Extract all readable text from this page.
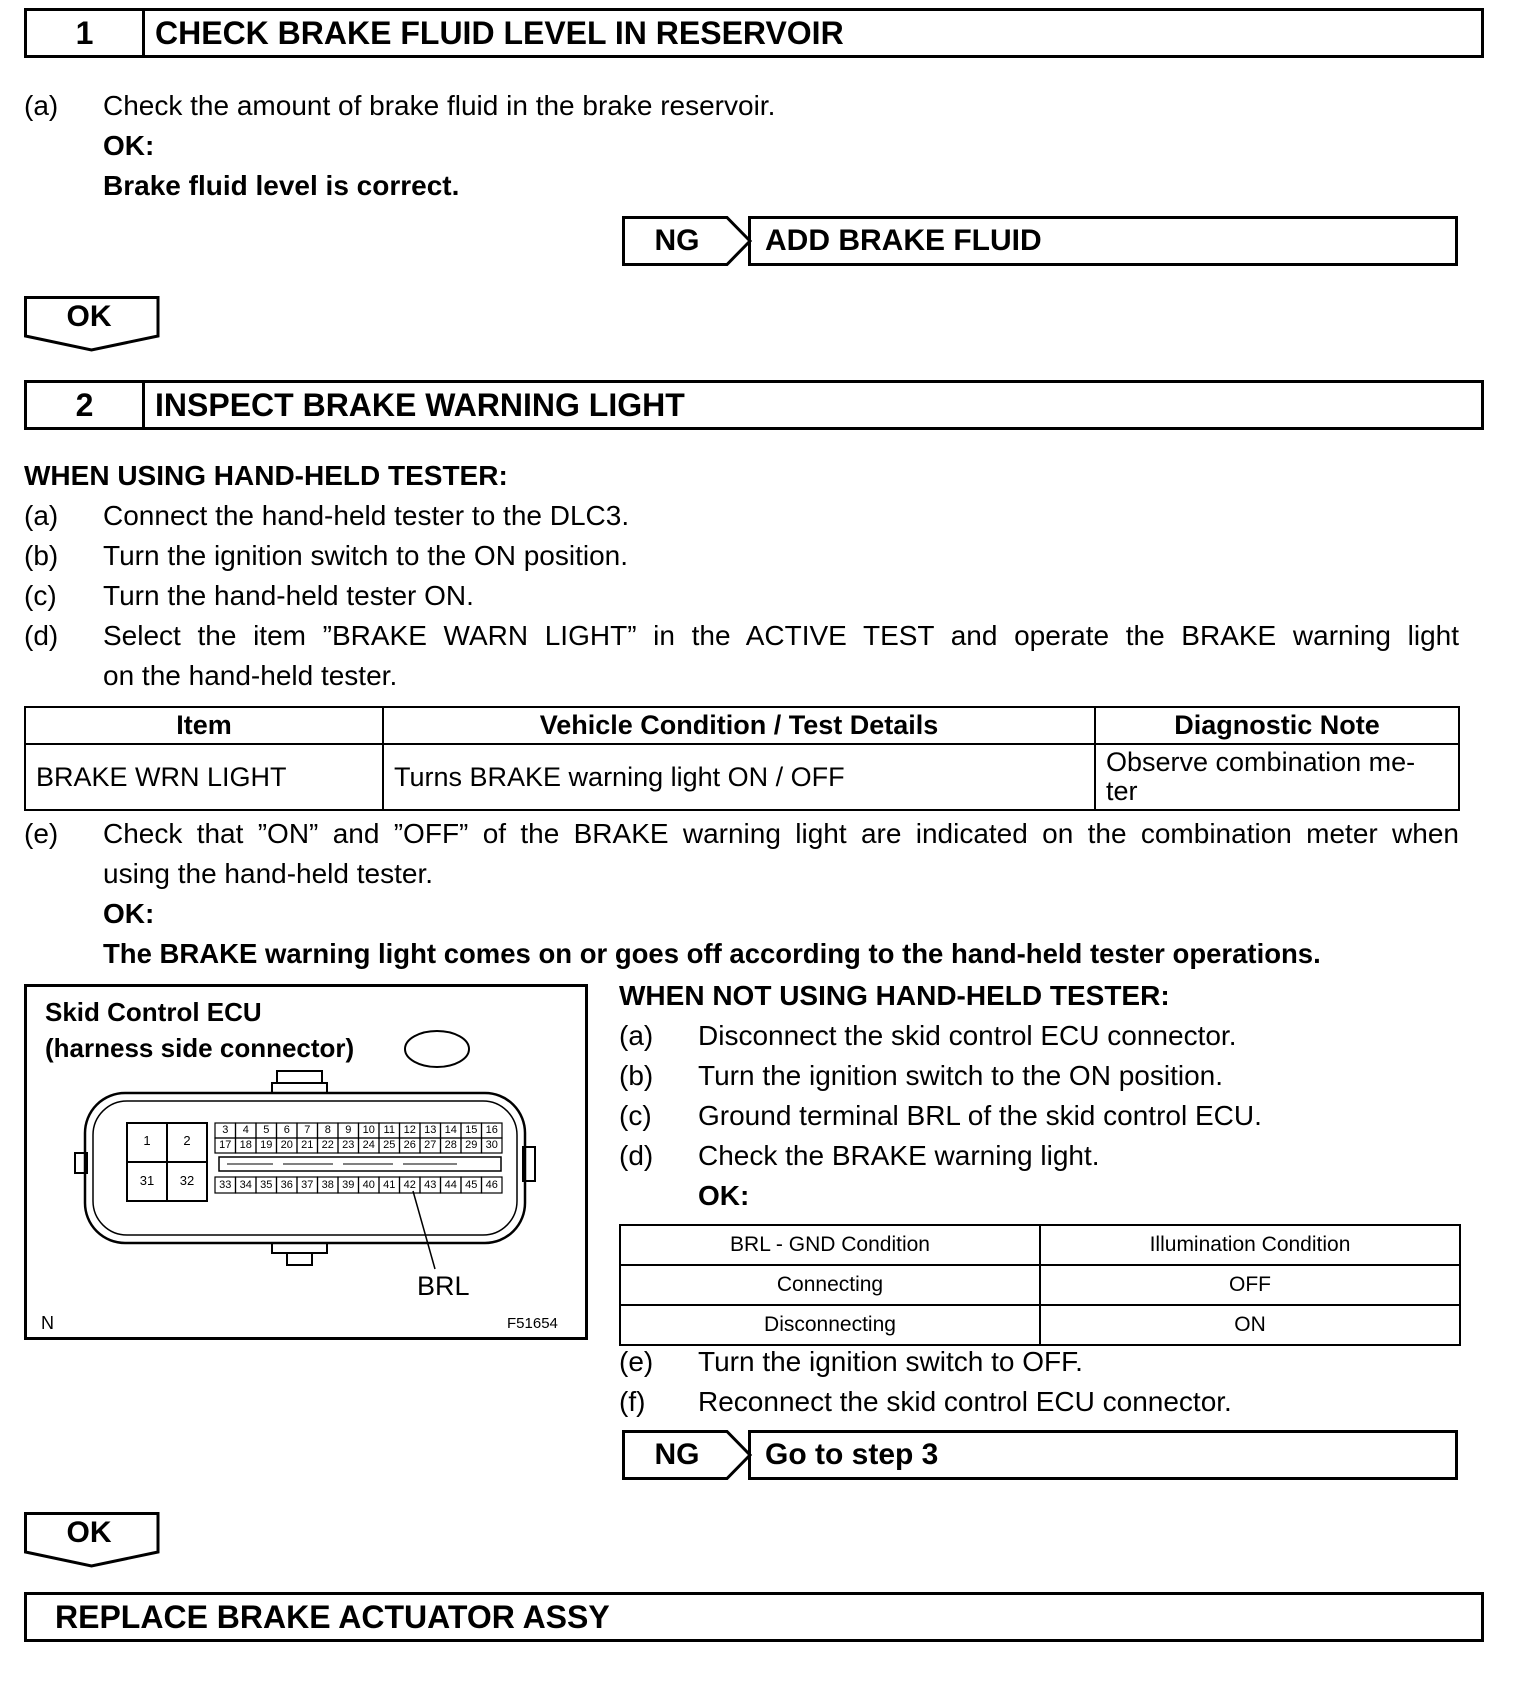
1	CHECK BRAKE FLUID LEVEL IN RESERVOIR
(a) Check the amount of brake fluid in the brake reservoir.
OK:
Brake fluid level is correct.
NG	ADD BRAKE FLUID
OK
2	INSPECT BRAKE WARNING LIGHT
WHEN USING HAND-HELD TESTER:
(a) Connect the hand-held tester to the DLC3.
(b) Turn the ignition switch to the ON position.
(c) Turn the hand-held tester ON.
(d) Select the item ”BRAKE WARN LIGHT” in the ACTIVE TEST and operate the BRAKE warning light
on the hand-held tester.
Item	Vehicle Condition / Test Details	Diagnostic Note
BRAKE WRN LIGHT	Turns BRAKE warning light ON / OFF	Observe combination me-
ter
(e) Check that ”ON” and ”OFF” of the BRAKE warning light are indicated on the combination meter when
using the hand-held tester.
OK:
The BRAKE warning light comes on or goes off according to the hand-held tester operations.
Skid Control ECU
(harness side connector)
1	2
31	32
3	4	5	6	7	8	9	10 11 12 13 14 15 16
17 18 19 20 21 22 23 24 25 26 27 28 29 30
33 34 35 36 37 38 39 40 41 42 43 44 45 46
BRL
N	F51654
WHEN NOT USING HAND-HELD TESTER:
(a) Disconnect the skid control ECU connector.
(b) Turn the ignition switch to the ON position.
(c) Ground terminal BRL of the skid control ECU.
(d) Check the BRAKE warning light.
OK:
BRL - GND Condition	Illumination Condition
Connecting	OFF
Disconnecting	ON
(e) Turn the ignition switch to OFF.
(f) Reconnect the skid control ECU connector.
NG	Go to step 3
OK
REPLACE BRAKE ACTUATOR ASSY
